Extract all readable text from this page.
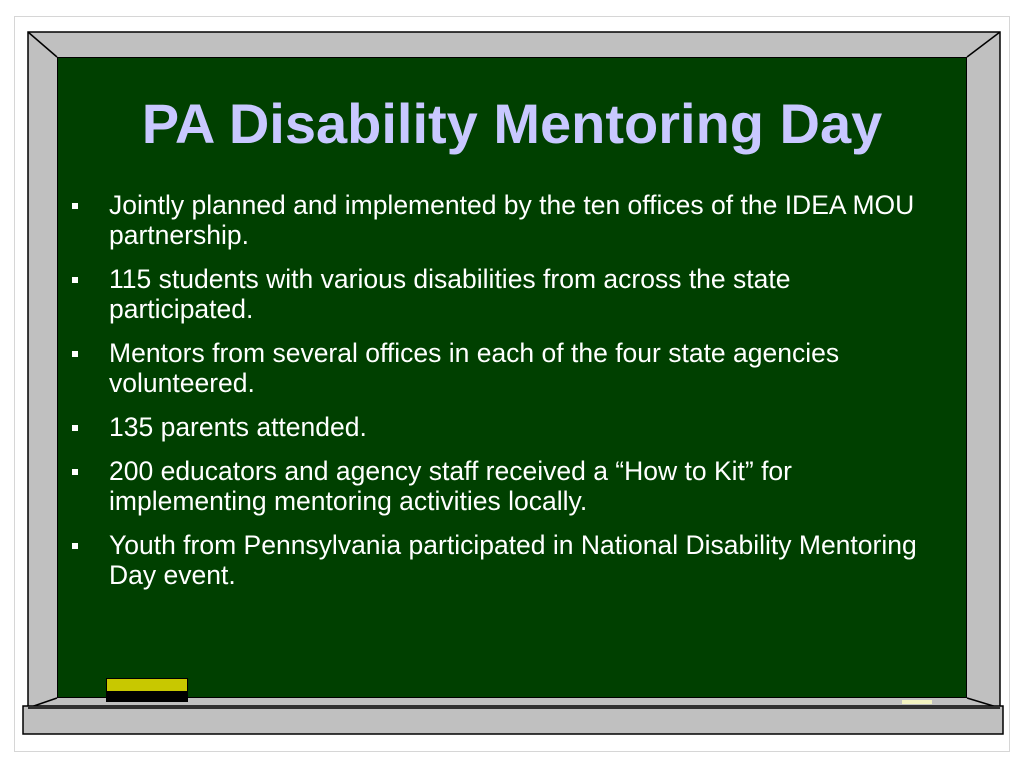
PA Disability Mentoring Day
Jointly planned and implemented by the ten offices of the IDEA MOU partnership.
115 students with various disabilities from across the state participated.
Mentors from several offices in each of the four state agencies volunteered.
135 parents attended.
200 educators and agency staff received a “How to Kit” for implementing mentoring activities locally.
Youth from Pennsylvania participated in National Disability Mentoring Day event.
